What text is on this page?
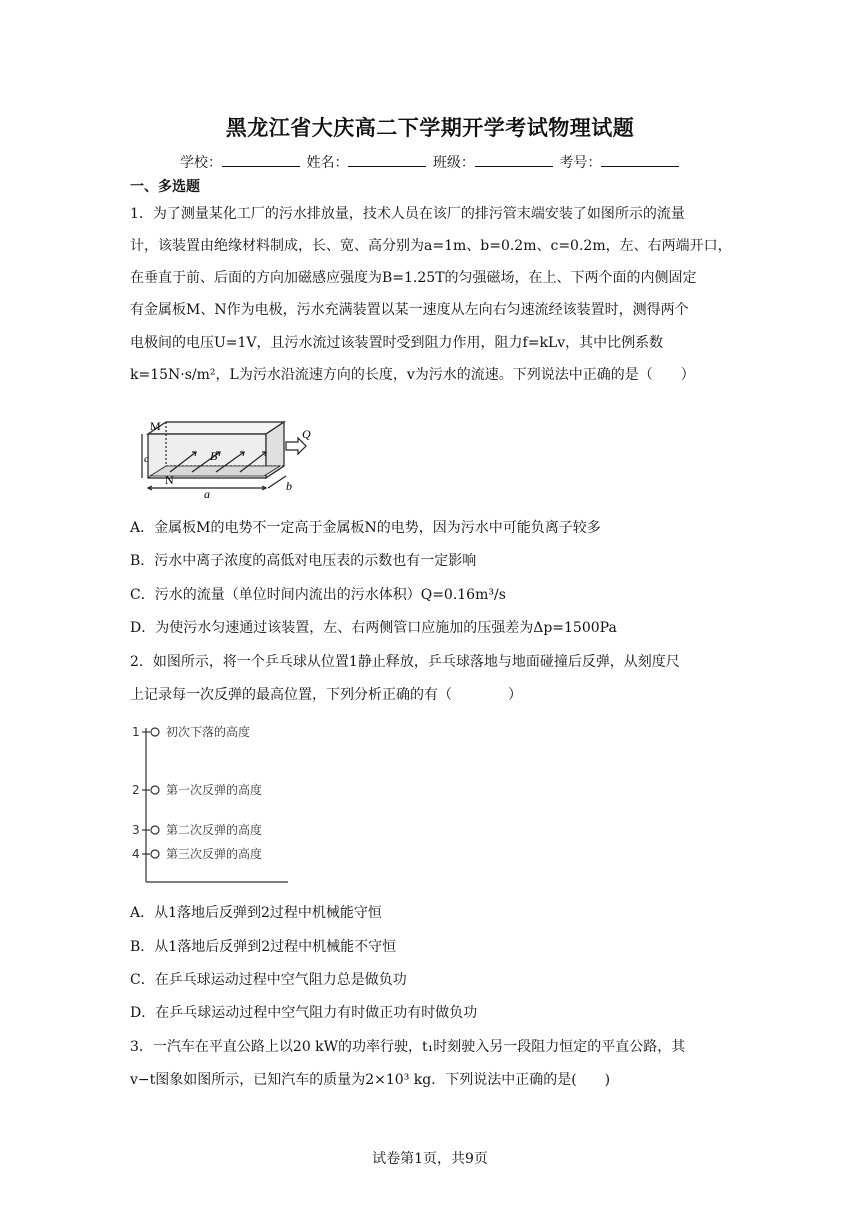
黑龙江省大庆高二下学期开学考试物理试题
学校：	姓名：	班级：	考号：
一、多选题
1．为了测量某化工厂的污水排放量，技术人员在该厂的排污管末端安装了如图所示的流量
计，该装置由绝缘材料制成，长、宽、高分别为a=1m、b=0.2m、c=0.2m，左、右两端开口，
在垂直于前、后面的方向加磁感应强度为B=1.25T的匀强磁场，在上、下两个面的内侧固定
有金属板M、N作为电极，污水充满装置以某一速度从左向右匀速流经该装置时，测得两个
电极间的电压U=1V，且污水流过该装置时受到阻力作用，阻力f=kLv，其中比例系数
k=15N·s/m²，L为污水沿流速方向的长度，v为污水的流速。下列说法中正确的是（　　）
M
N
B
Q
a
b
c
A．金属板M的电势不一定高于金属板N的电势，因为污水中可能负离子较多
B．污水中离子浓度的高低对电压表的示数也有一定影响
C．污水的流量（单位时间内流出的污水体积）Q=0.16m³/s
D．为使污水匀速通过该装置，左、右两侧管口应施加的压强差为Δp=1500Pa
2．如图所示，将一个乒乓球从位置1静止释放，乒乓球落地与地面碰撞后反弹，从刻度尺
上记录每一次反弹的最高位置，下列分析正确的有（　　　　）
1 初次下落的高度
2 第一次反弹的高度
3 第二次反弹的高度
4 第三次反弹的高度
A．从1落地后反弹到2过程中机械能守恒
B．从1落地后反弹到2过程中机械能不守恒
C．在乒乓球运动过程中空气阻力总是做负功
D．在乒乓球运动过程中空气阻力有时做正功有时做负功
3．一汽车在平直公路上以20 kW的功率行驶，t₁时刻驶入另一段阻力恒定的平直公路，其
v−t图象如图所示，已知汽车的质量为2×10³ kg．下列说法中正确的是(　　)
试卷第1页，共9页
